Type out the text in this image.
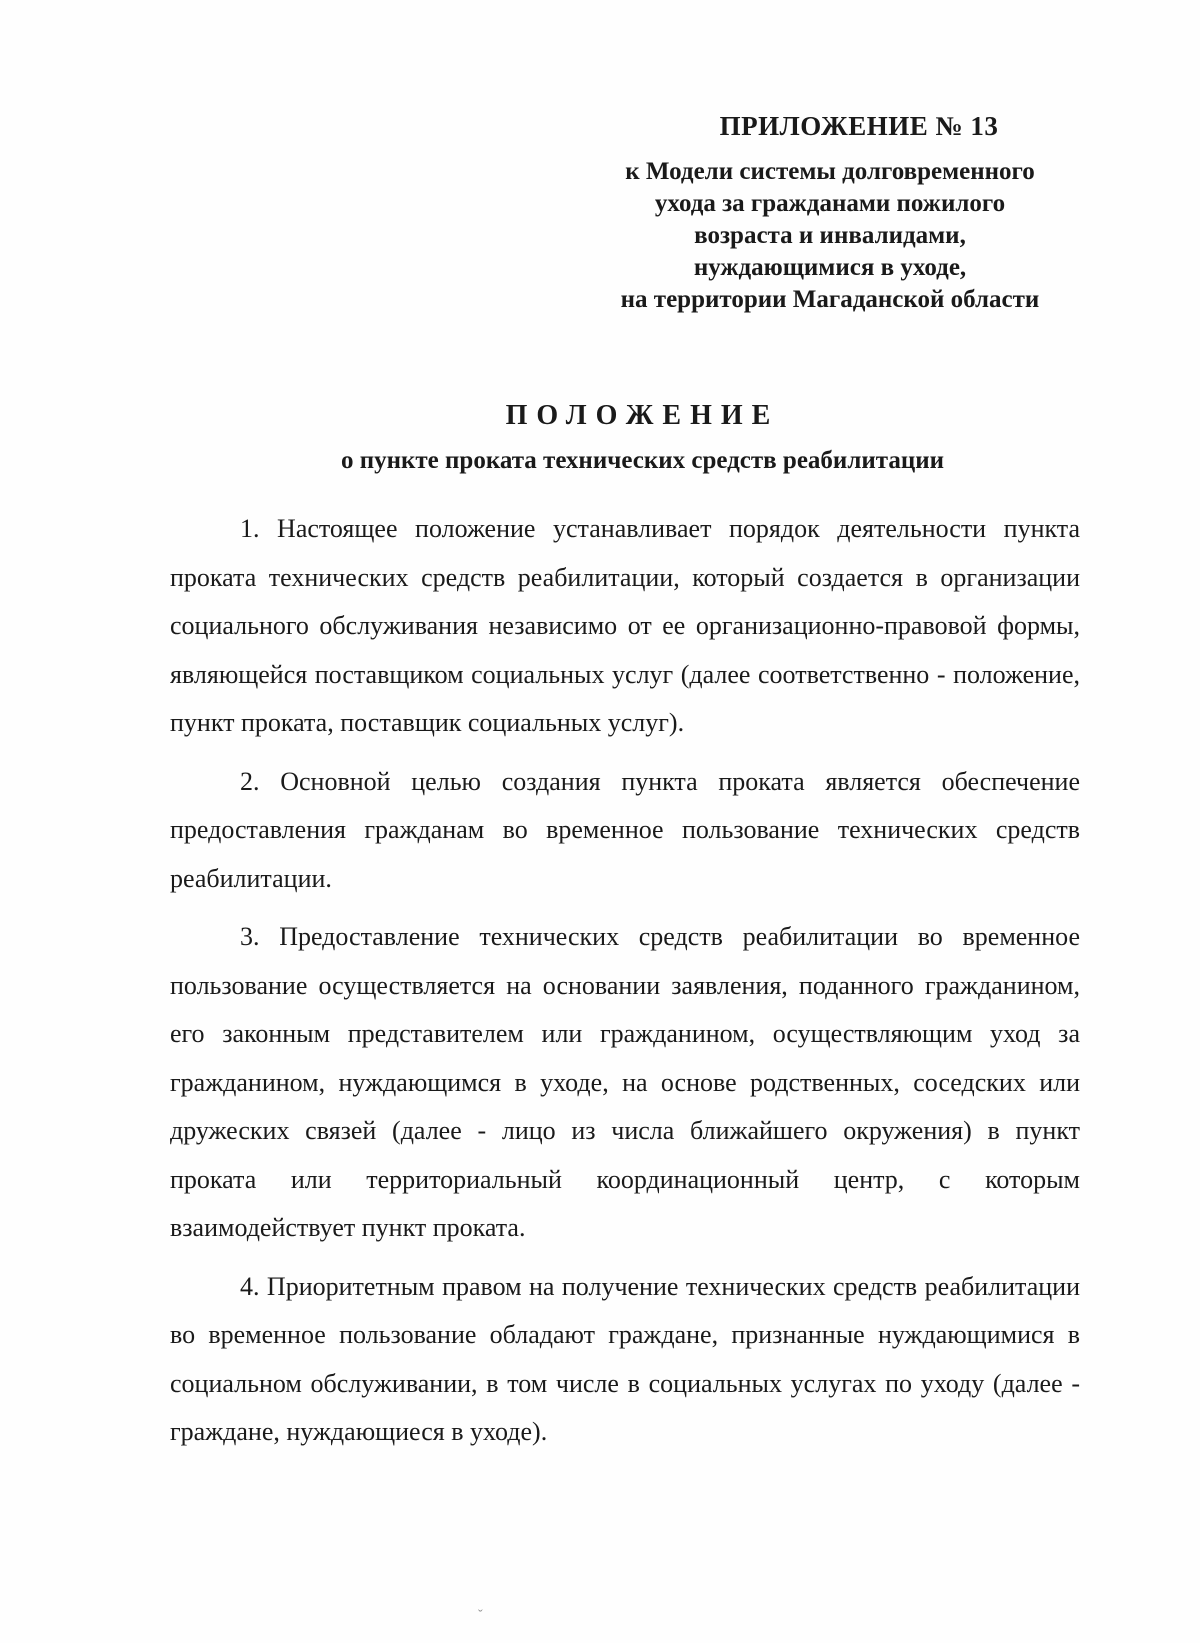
ПРИЛОЖЕНИЕ № 13
к Модели системы долговременного
ухода за гражданами пожилого
возраста и инвалидами,
нуждающимися в уходе,
на территории Магаданской области
ПОЛОЖЕНИЕ
о пункте проката технических средств реабилитации

1. Настоящее положение устанавливает порядок деятельности пункта проката технических средств реабилитации, который создается в организации социального обслуживания независимо от ее организационно-правовой формы, являющейся поставщиком социальных услуг (далее соответственно - положение, пункт проката, поставщик социальных услуг).

2. Основной целью создания пункта проката является обеспечение предоставления гражданам во временное пользование технических средств реабилитации.

3. Предоставление технических средств реабилитации во временное пользование осуществляется на основании заявления, поданного гражданином, его законным представителем или гражданином, осуществляющим уход за гражданином, нуждающимся в уходе, на основе родственных, соседских или дружеских связей (далее - лицо из числа ближайшего окружения) в пункт проката или территориальный координационный центр, с которым взаимодействует пункт проката.

4. Приоритетным правом на получение технических средств реабилитации во временное пользование обладают граждане, признанные нуждающимися в социальном обслуживании, в том числе в социальных услугах по уходу (далее - граждане, нуждающиеся в уходе).

ˇ
